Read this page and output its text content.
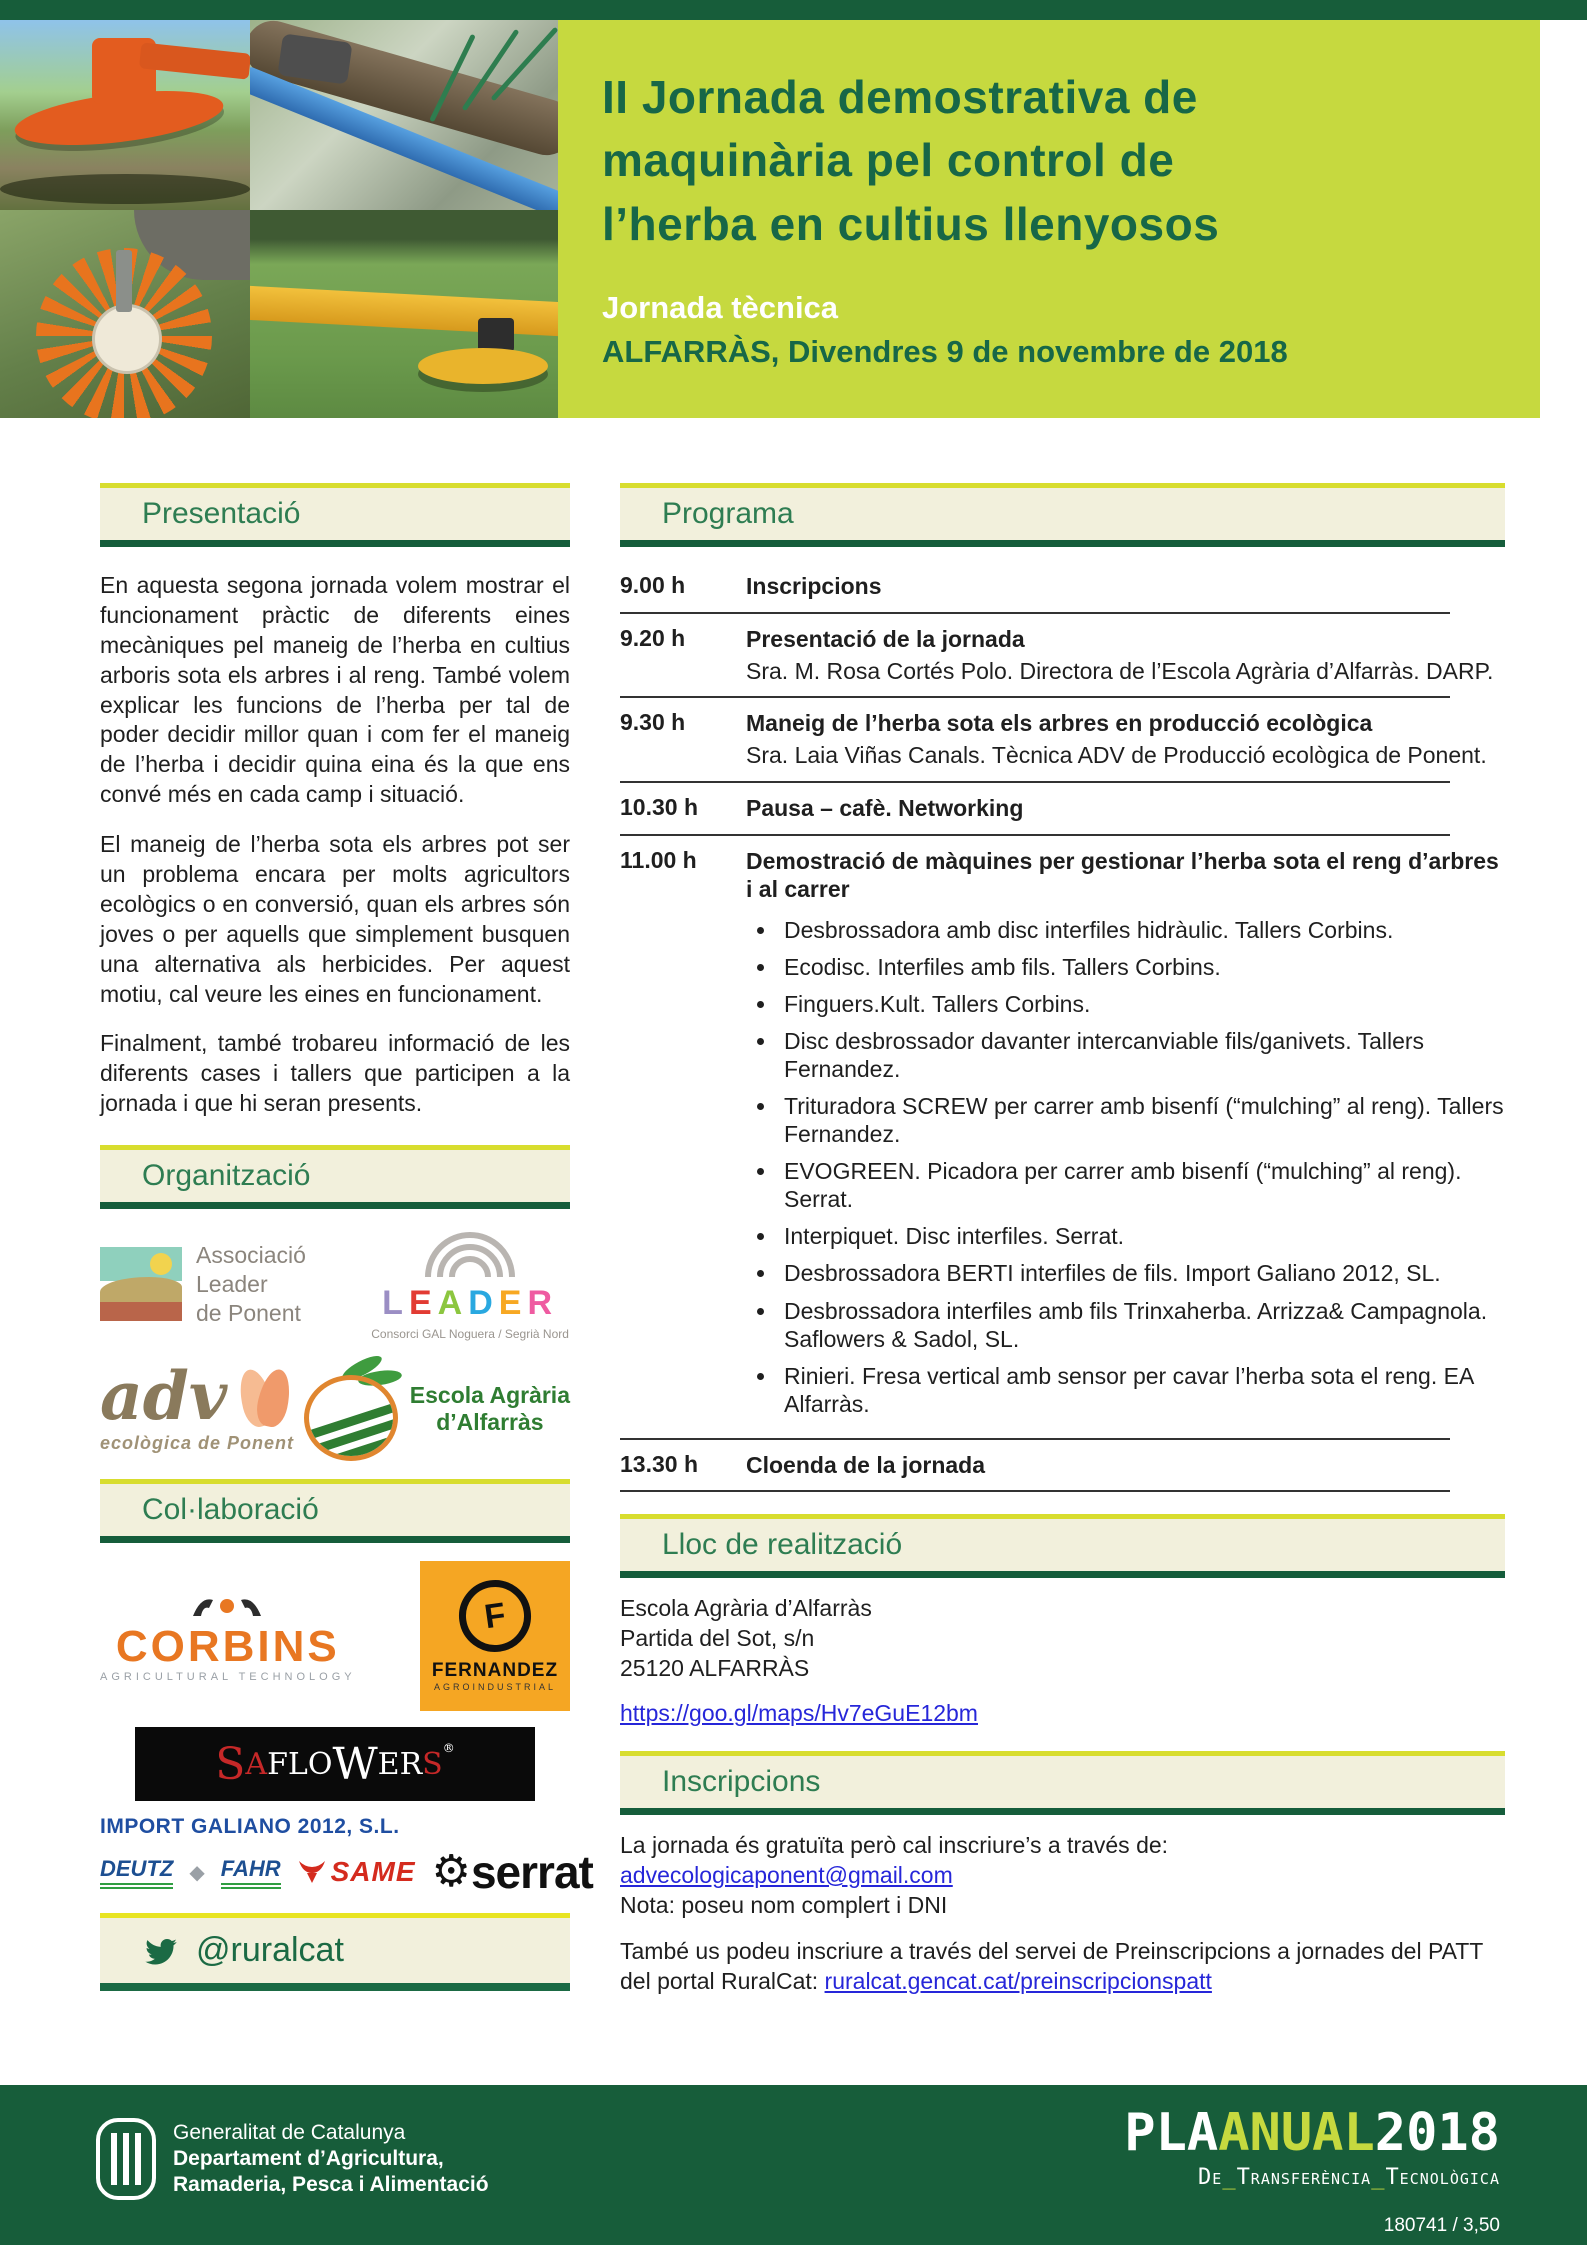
II Jornada demostrativa de
maquinària pel control de
l’herba en cultius llenyosos
Jornada tècnica
ALFARRÀS, Divendres 9 de novembre de 2018
Presentació

En aquesta segona jornada volem mostrar el funcionament pràctic de diferents eines mecàniques pel maneig de l’herba en cultius arboris sota els arbres i al reng. També volem explicar les funcions de l’herba per tal de poder decidir millor quan i com fer el maneig de l’herba i decidir quina eina és la que ens convé més en cada camp i situació.

El maneig de l’herba sota els arbres pot ser un problema encara per molts agricultors ecològics o en conversió, quan els arbres són joves o per aquells que simplement busquen una alternativa als herbicides. Per aquest motiu, cal veure les eines en funcionament.

Finalment, també trobareu informació de les diferents cases i tallers que participen a la jornada i que hi seran presents.

Organització
Associació Leader
de Ponent	LEADER
Consorci GAL Noguera / Segrià Nord
adv
ecològica de Ponent
Escola Agrària
d’Alfarràs
Col·laboració
CORBINS
AGRICULTURAL TECHNOLOGY
F
FERNANDEZ
AGROINDUSTRIAL
S A FLO W ER S ®
IMPORT GALIANO 2012, S.L.
DEUTZ ◆ FAHR SAME ⚙ serrat
@ruralcat
Programa
9.00 h	Inscripcions
9.20 h	Presentació de la jornada
Sra. M. Rosa Cortés Polo. Directora de l’Escola Agrària d’Alfarràs. DARP.
9.30 h	Maneig de l’herba sota els arbres en producció ecològica
Sra. Laia Viñas Canals. Tècnica ADV de Producció ecològica de Ponent.
10.30 h	Pausa – cafè. Networking
11.00 h	Demostració de màquines per gestionar l’herba sota el reng d’arbres i al carrer
• Desbrossadora amb disc interfiles hidràulic. Tallers Corbins.
• Ecodisc. Interfiles amb fils. Tallers Corbins.
• Finguers.Kult. Tallers Corbins.
• Disc desbrossador davanter intercanviable fils/ganivets. Tallers Fernandez.
• Trituradora SCREW per carrer amb bisenfí (“mulching” al reng). Tallers Fernandez.
• EVOGREEN. Picadora per carrer amb bisenfí (“mulching” al reng). Serrat.
• Interpiquet. Disc interfiles. Serrat.
• Desbrossadora BERTI interfiles de fils. Import Galiano 2012, SL.
• Desbrossadora interfiles amb fils Trinxaherba. Arrizza& Campagnola. Saflowers & Sadol, SL.
• Rinieri. Fresa vertical amb sensor per cavar l’herba sota el reng. EA Alfarràs.
13.30 h	Cloenda de la jornada
Lloc de realització
Escola Agrària d’Alfarràs
Partida del Sot, s/n
25120 ALFARRÀS
https://goo.gl/maps/Hv7eGuE12bm
Inscripcions
La jornada és gratuïta però cal inscriure’s a través de:
advecologicaponent@gmail.com
Nota: poseu nom complert i DNI
També us podeu inscriure a través del servei de Preinscripcions a jornades del PATT del portal RuralCat: ruralcat.gencat.cat/preinscripcionspatt
Generalitat de Catalunya
Departament d’Agricultura,
Ramaderia, Pesca i Alimentació
PLAANUAL2018
De_Transferència_Tecnològica
180741 / 3,50
